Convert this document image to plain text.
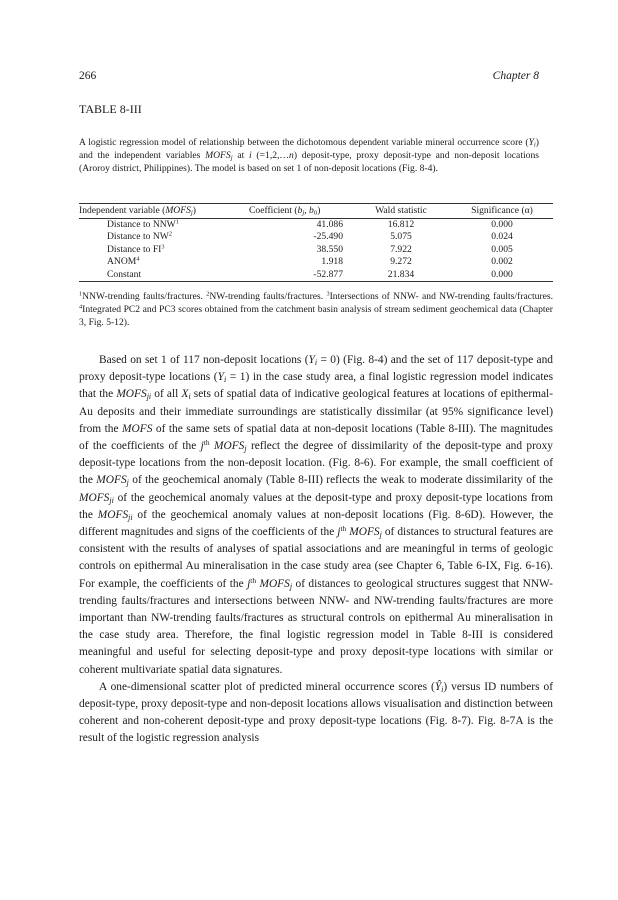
266	Chapter 8
TABLE 8-III
A logistic regression model of relationship between the dichotomous dependent variable mineral occurrence score $(Y_i)$ and the independent variables $MOFS_j$ at i (=1,2,…n) deposit-type, proxy deposit-type and non-deposit locations (Aroroy district, Philippines). The model is based on set 1 of non-deposit locations (Fig. 8-4).
Independent variable $(MOFS_j)$	Coefficient ($b_j$, $b_0$)	Wald statistic	Significance (α)
Distance to NNW$^1$	41.086	16.812	0.000
Distance to $NW^2$	-25.490	5.075	0.024
Distance to $FI^3$	38.550	7.922	0.005
ANOM$^4$	1.918	9.272	0.002
Constant	-52.877	21.834	0.000
$^1$NNW-trending faults/fractures. $^2$NW-trending faults/fractures. $^3$Intersections of NNW- and NW-trending faults/fractures. $^4$Integrated PC2 and PC3 scores obtained from the catchment basin analysis of stream sediment geochemical data (Chapter 3, Fig. 5-12).

Based on set 1 of 117 non-deposit locations $(Y_i = 0)$ (Fig. 8-4) and the set of 117 deposit-type and proxy deposit-type locations $(Y_i = 1)$ in the case study area, a final logistic regression model indicates that the $MOFS_{ji}$ of all $X_i$ sets of spatial data of indicative geological features at locations of epithermal-Au deposits and their immediate surroundings are statistically dissimilar (at 95% significance level) from the MOFS of the same sets of spatial data at non-deposit locations (Table 8-III). The magnitudes of the coefficients of the $j^{th}$ $MOFS_j$ reflect the degree of dissimilarity of the deposit-type and proxy deposit-type locations from the non-deposit location. (Fig. 8-6). For example, the small coefficient of the $MOFS_j$ of the geochemical anomaly (Table 8-III) reflects the weak to moderate dissimilarity of the $MOFS_{ji}$ of the geochemical anomaly values at the deposit-type and proxy deposit-type locations from the $MOFS_{ji}$ of the geochemical anomaly values at non-deposit locations (Fig. 8-6D). However, the different magnitudes and signs of the coefficients of the $j^{th}$ $MOFS_j$ of distances to structural features are consistent with the results of analyses of spatial associations and are meaningful in terms of geologic controls on epithermal Au mineralisation in the case study area (see Chapter 6, Table 6-IX, Fig. 6-16). For example, the coefficients of the $j^{th}$ $MOFS_j$ of distances to geological structures suggest that NNW-trending faults/fractures and intersections between NNW- and NW-trending faults/fractures are more important than NW-trending faults/fractures as structural controls on epithermal Au mineralisation in the case study area. Therefore, the final logistic regression model in Table 8-III is considered meaningful and useful for selecting deposit-type and proxy deposit-type locations with similar or coherent multivariate spatial data signatures.

A one-dimensional scatter plot of predicted mineral occurrence scores $(Ŷ_i)$ versus ID numbers of deposit-type, proxy deposit-type and non-deposit locations allows visualisation and distinction between coherent and non-coherent deposit-type and proxy deposit-type locations (Fig. 8-7). Fig. 8-7A is the result of the logistic regression analysis
